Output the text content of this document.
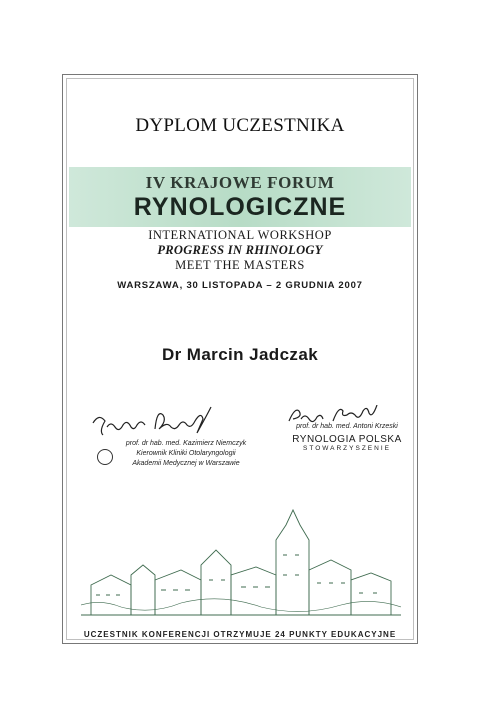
DYPLOM UCZESTNIKA
IV KRAJOWE FORUM
RYNOLOGICZNE
INTERNATIONAL WORKSHOP
PROGRESS IN RHINOLOGY
MEET THE MASTERS
WARSZAWA, 30 LISTOPADA – 2 GRUDNIA 2007
Dr Marcin Jadczak
prof. dr hab. med. Kazimierz Niemczyk
Kierownik Kliniki Otolaryngologii
Akademii Medycznej w Warszawie
prof. dr hab. med. Antoni Krzeski
RYNOLOGIA POLSKA
STOWARZYSZENIE
UCZESTNIK KONFERENCJI OTRZYMUJE 24 PUNKTY EDUKACYJNE
